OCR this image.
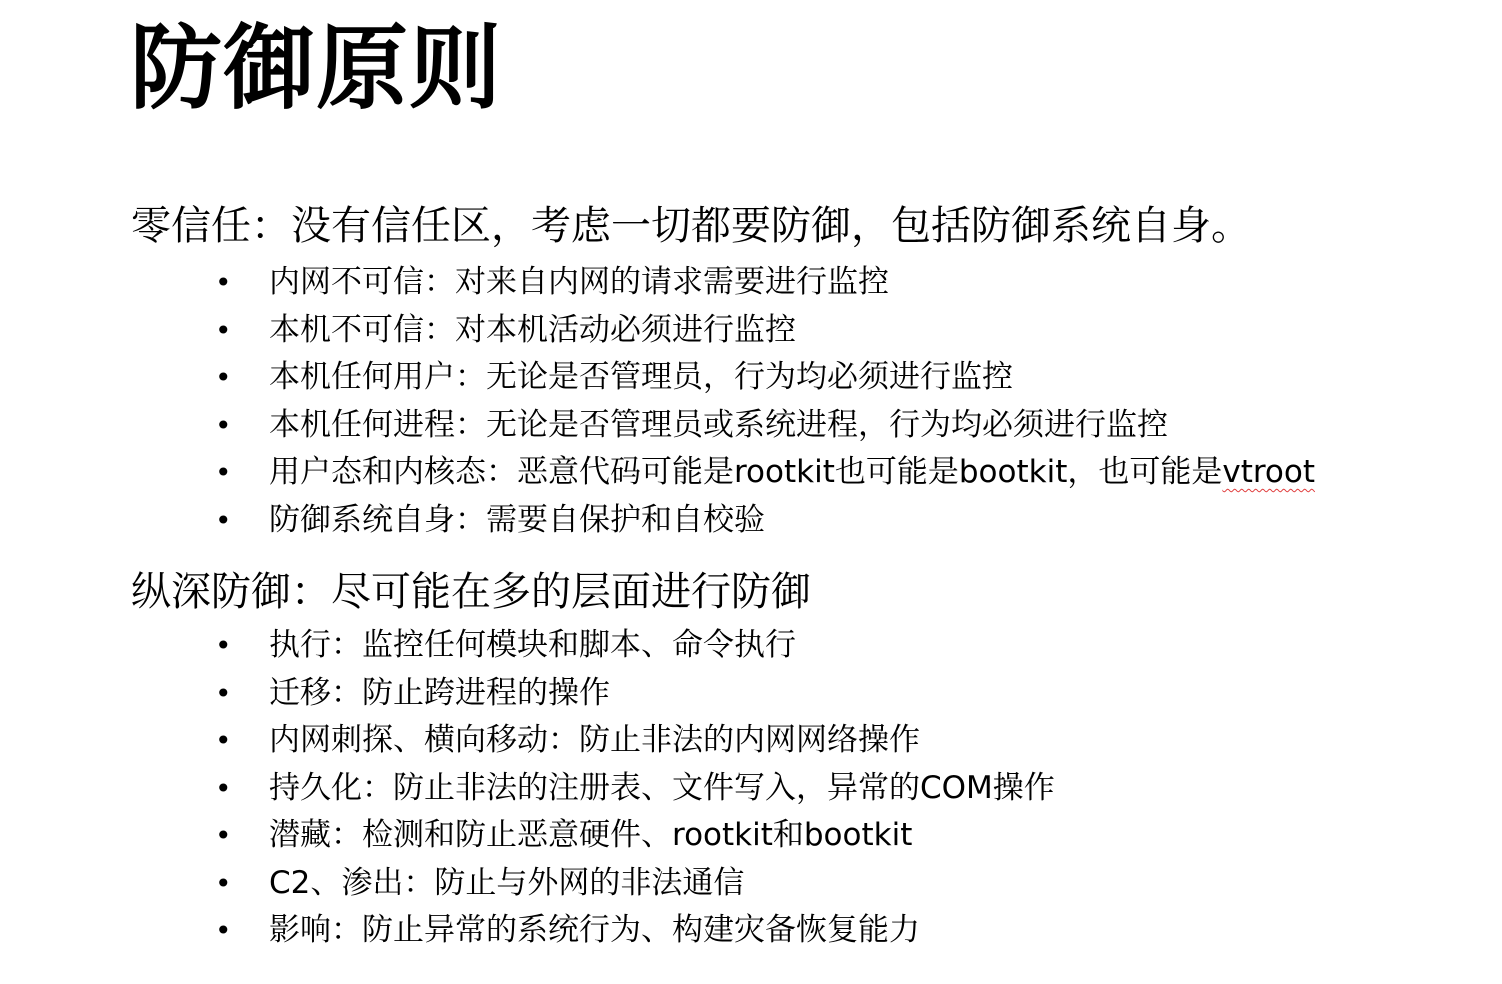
防御原则
零信任：没有信任区，考虑一切都要防御，包括防御系统自身。
• 内网不可信：对来自内网的请求需要进行监控
• 本机不可信：对本机活动必须进行监控
• 本机任何用户：无论是否管理员，行为均必须进行监控
• 本机任何进程：无论是否管理员或系统进程，行为均必须进行监控
• 用户态和内核态：恶意代码可能是rootkit也可能是bootkit，也可能是vtroot
• 防御系统自身：需要自保护和自校验
纵深防御：尽可能在多的层面进行防御
• 执行：监控任何模块和脚本、命令执行
• 迁移：防止跨进程的操作
• 内网刺探、横向移动：防止非法的内网网络操作
• 持久化：防止非法的注册表、文件写入，异常的COM操作
• 潜藏：检测和防止恶意硬件、rootkit和bootkit
• C2、渗出：防止与外网的非法通信
• 影响：防止异常的系统行为、构建灾备恢复能力
